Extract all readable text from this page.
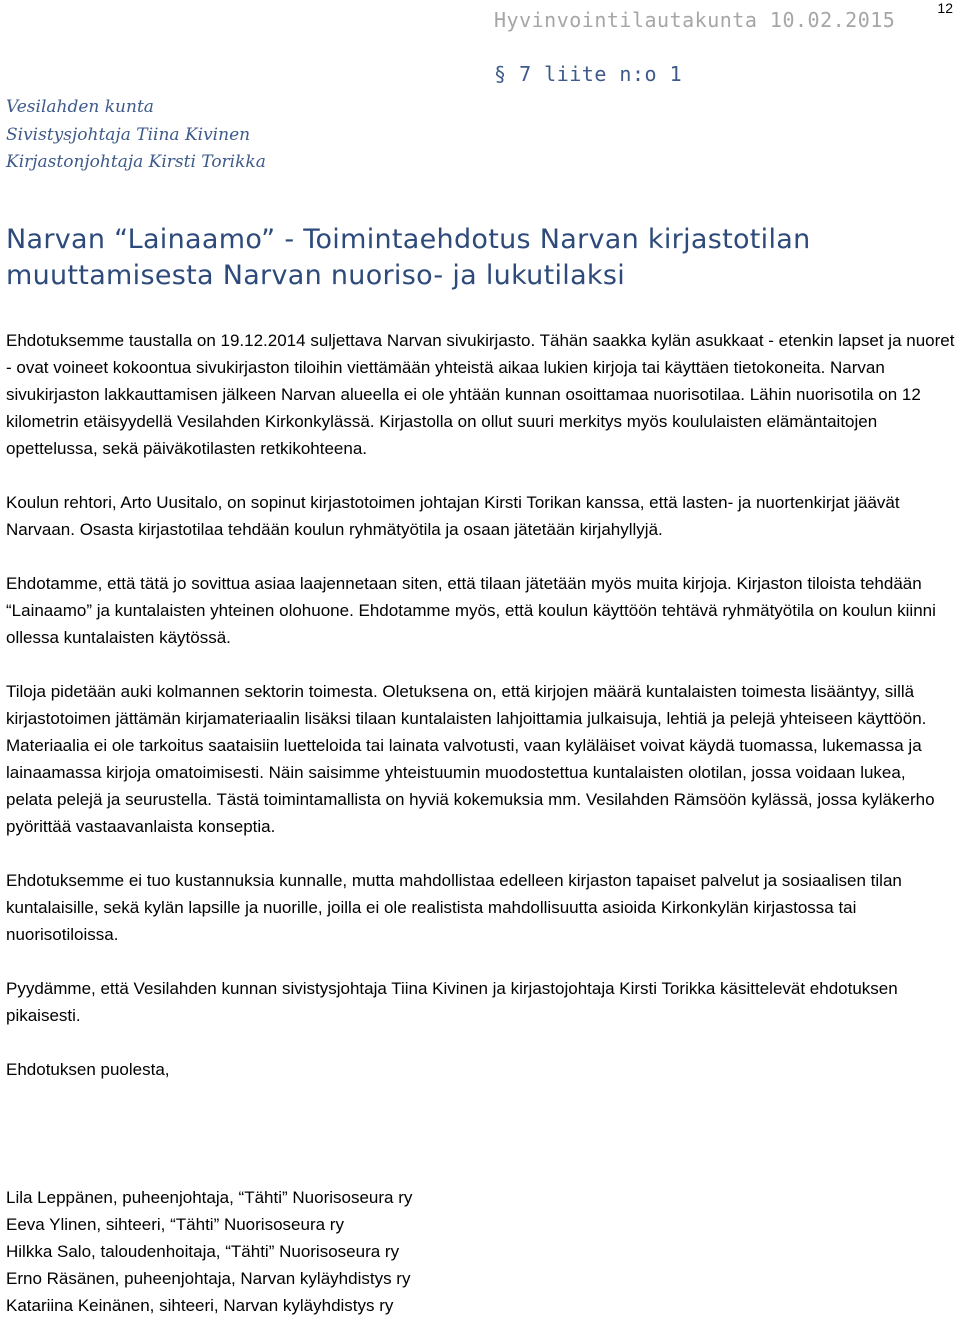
12
Hyvinvointilautakunta 10.02.2015
§ 7 liite n:o 1
Vesilahden kunta
Sivistysjohtaja Tiina Kivinen
Kirjastonjohtaja Kirsti Torikka
Narvan “Lainaamo” - Toimintaehdotus Narvan kirjastotilan muuttamisesta Narvan nuoriso- ja lukutilaksi

Ehdotuksemme taustalla on 19.12.2014 suljettava Narvan sivukirjasto. Tähän saakka kylän asukkaat - etenkin lapset ja nuoret - ovat voineet kokoontua sivukirjaston tiloihin viettämään yhteistä aikaa lukien kirjoja tai käyttäen tietokoneita. Narvan sivukirjaston lakkauttamisen jälkeen Narvan alueella ei ole yhtään kunnan osoittamaa nuorisotilaa. Lähin nuorisotila on 12 kilometrin etäisyydellä Vesilahden Kirkonkylässä. Kirjastolla on ollut suuri merkitys myös koululaisten elämäntaitojen opettelussa, sekä päiväkotilasten retkikohteena.

Koulun rehtori, Arto Uusitalo, on sopinut kirjastotoimen johtajan Kirsti Torikan kanssa, että lasten- ja nuortenkirjat jäävät Narvaan. Osasta kirjastotilaa tehdään koulun ryhmätyötila ja osaan jätetään kirjahyllyjä.

Ehdotamme, että tätä jo sovittua asiaa laajennetaan siten, että tilaan jätetään myös muita kirjoja. Kirjaston tiloista tehdään “Lainaamo” ja kuntalaisten yhteinen olohuone. Ehdotamme myös, että koulun käyttöön tehtävä ryhmätyötila on koulun kiinni ollessa kuntalaisten käytössä.

Tiloja pidetään auki kolmannen sektorin toimesta. Oletuksena on, että kirjojen määrä kuntalaisten toimesta lisääntyy, sillä kirjastotoimen jättämän kirjamateriaalin lisäksi tilaan kuntalaisten lahjoittamia julkaisuja, lehtiä ja pelejä yhteiseen käyttöön. Materiaalia ei ole tarkoitus saataisiin luetteloida tai lainata valvotusti, vaan kyläläiset voivat käydä tuomassa, lukemassa ja lainaamassa kirjoja omatoimisesti. Näin saisimme yhteistuumin muodostettua kuntalaisten olotilan, jossa voidaan lukea, pelata pelejä ja seurustella. Tästä toimintamallista on hyviä kokemuksia mm. Vesilahden Rämsöön kylässä, jossa kyläkerho pyörittää vastaavanlaista konseptia.

Ehdotuksemme ei tuo kustannuksia kunnalle, mutta mahdollistaa edelleen kirjaston tapaiset palvelut ja sosiaalisen tilan kuntalaisille, sekä kylän lapsille ja nuorille, joilla ei ole realistista mahdollisuutta asioida Kirkonkylän kirjastossa tai nuorisotiloissa.

Pyydämme, että Vesilahden kunnan sivistysjohtaja Tiina Kivinen ja kirjastojohtaja Kirsti Torikka käsittelevät ehdotuksen pikaisesti.

Ehdotuksen puolesta,

Lila Leppänen, puheenjohtaja, “Tähti” Nuorisoseura ry
Eeva Ylinen, sihteeri, “Tähti” Nuorisoseura ry
Hilkka Salo, taloudenhoitaja, “Tähti” Nuorisoseura ry
Erno Räsänen, puheenjohtaja, Narvan kyläyhdistys ry
Katariina Keinänen, sihteeri, Narvan kyläyhdistys ry
